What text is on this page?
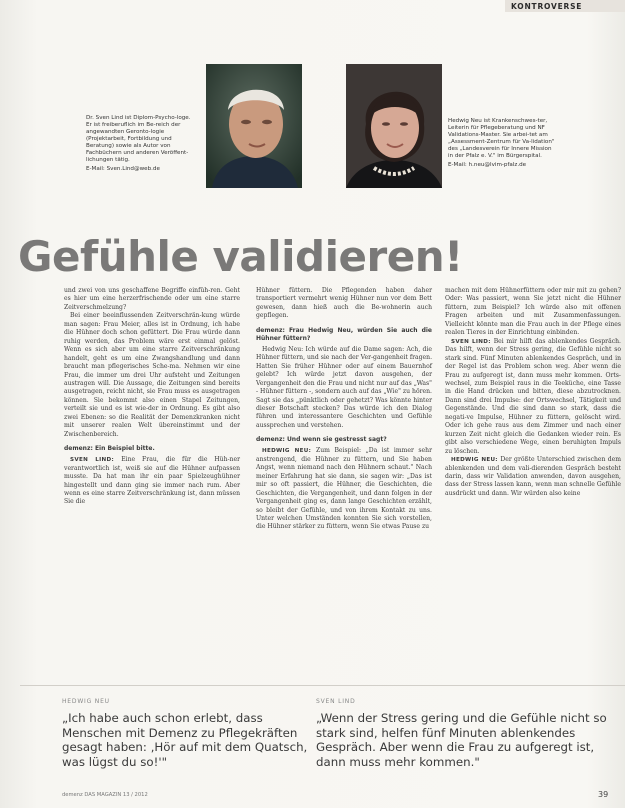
KONTROVERSE
Dr. Sven Lind ist Diplom-Psycho-loge. Er ist freiberuflich im Be-reich der angewandten Geronto-logie (Projektarbeit, Fortbildung und Beratung) sowie als Autor von Fachbüchern und anderen Veröffent-lichungen tätig.
E-Mail: Sven.Lind@web.de
Hedwig Neu ist Krankenschwes-ter, Leiterin für Pflegeberatung und NF Validations-Master. Sie arbei-tet am „Assessment-Zentrum für Va-lidation" des „Landesverein für Innere Mission in der Pfalz e. V." im Bürgerspital.
E-Mail: h.neu@lvim-pfalz.de
Gefühle validieren!

und zwei von uns geschaffene Begriffe einfüh-ren. Geht es hier um eine herzerfrischende oder um eine starre Zeitverschmelzung?

Bei einer beeinflussenden Zeitverschrän-kung würde man sagen: Frau Meier, alles ist in Ordnung, ich habe die Hühner doch schon gefüttert. Die Frau würde dann ruhig werden, das Problem wäre erst einmal gelöst. Wenn es sich aber um eine starre Zeitverschränkung handelt, geht es um eine Zwangshandlung und dann braucht man pflegerisches Sche-ma. Nehmen wir eine Frau, die immer um drei Uhr aufsteht und Zeitungen austragen will. Die Aussage, die Zeitungen sind bereits ausgetragen, reicht nicht, sie Frau muss es ausgetragen können. Sie bekommt also einen Stapel Zeitungen, verteilt sie und es ist wie-der in Ordnung. Es gibt also zwei Ebenen: so die Realität der Demenzkranken nicht mit unserer realen Welt übereinstimmt und der Zwischenbereich.

demenz: Ein Beispiel bitte.

SVEN LIND: Eine Frau, die für die Hüh-ner verantwortlich ist, weiß sie auf die Hühner aufpassen musste. Da hat man ihr ein paar Spielzeughühner hingestellt und dann ging sie immer nach rum. Aber wenn es eine starre Zeitverschränkung ist, dann müssen Sie die

Hühner füttern. Die Pflegenden haben daher transportiert vermehrt wenig Hühner nun vor dem Bett gewesen, dann hieß auch die Be-wohnerin auch gepflegen.

demenz: Frau Hedwig Neu, würden Sie auch die Hühner füttern?

Hedwig Neu: Ich würde auf die Dame sagen: Ach, die Hühner füttern, und sie nach der Ver-gangenheit fragen. Hatten Sie früher Hühner oder auf einem Bauernhof gelebt? Ich würde jetzt davon ausgehen, der Vergangenheit den die Frau und nicht nur auf das „Was" - Hühner füttern -, sondern auch auf das „Wie" zu hören. Sagt sie das „pünktlich oder gehetzt? Was könnte hinter dieser Botschaft stecken? Das würde ich den Dialog führen und interessantere Geschichten und Gefühle aussprechen und verstehen.

demenz: Und wenn sie gestresst sagt?

HEDWIG NEU: Zum Beispiel: „Da ist immer sehr anstrengend, die Hühner zu füttern, und Sie haben Angst, wenn niemand nach den Hühnern schaut." Nach meiner Erfahrung hat sie dann, sie sagen wir: „Das ist mir so oft passiert, die Hühner, die Geschichten, die Geschichten, die Vergangenheit, und dann folgen in der Vergangenheit ging es, dann lange Geschichten erzählt, so bleibt der Gefühle, und von ihrem Kontakt zu uns. Unter welchen Umständen konnten Sie sich vorstellen, die Hühner stärker zu füttern, wenn Sie etwas Pause zu

machen mit dem Hühnerfüttern oder mir mit zu gehen? Oder: Was passiert, wenn Sie jetzt nicht die Hühner füttern, zum Beispiel? Ich würde also mit offenen Fragen arbeiten und mit Zusammenfassungen. Vielleicht könnte man die Frau auch in der Pflege eines realen Tieres in der Einrichtung einbinden.

SVEN LIND: Bei mir hilft das ablenkendes Gespräch. Das hilft, wenn der Stress gering, die Gefühle nicht so stark sind. Fünf Minuten ablenkendes Gespräch, und in der Regel ist das Problem schon weg. Aber wenn die Frau zu aufgeregt ist, dann muss mehr kommen. Orts-wechsel, zum Beispiel raus in die Teeküche, eine Tasse in die Hand drücken und bitten, diese abzutrocknen. Dann sind drei Impulse: der Ortswechsel, Tätigkeit und Gegenstände. Und die sind dann so stark, dass die negati-ve Impulse, Hühner zu füttern, gelöscht wird. Oder ich gehe raus aus dem Zimmer und nach einer kurzen Zeit nicht gleich die Gedanken wieder rein. Es gibt also verschiedene Wege, einen beruhigten Impuls zu löschen.

HEDWIG NEU: Der größte Unterschied zwischen dem ablenkenden und dem vali-dierenden Gespräch besteht darin, dass wir Validation anwenden, davon ausgehen, dass der Stress lassen kann, wenn man schnelle Gefühle ausdrückt und dann. Wir würden also keine

HEDWIG NEU
„Ich habe auch schon erlebt, dass Menschen mit Demenz zu Pflegekräften gesagt haben: ‚Hör auf mit dem Quatsch, was lügst du so!'"
SVEN LIND
„Wenn der Stress gering und die Gefühle nicht so stark sind, helfen fünf Minuten ablenkendes Gespräch. Aber wenn die Frau zu aufgeregt ist, dann muss mehr kommen."
demenz DAS MAGAZIN 13 / 2012	39
